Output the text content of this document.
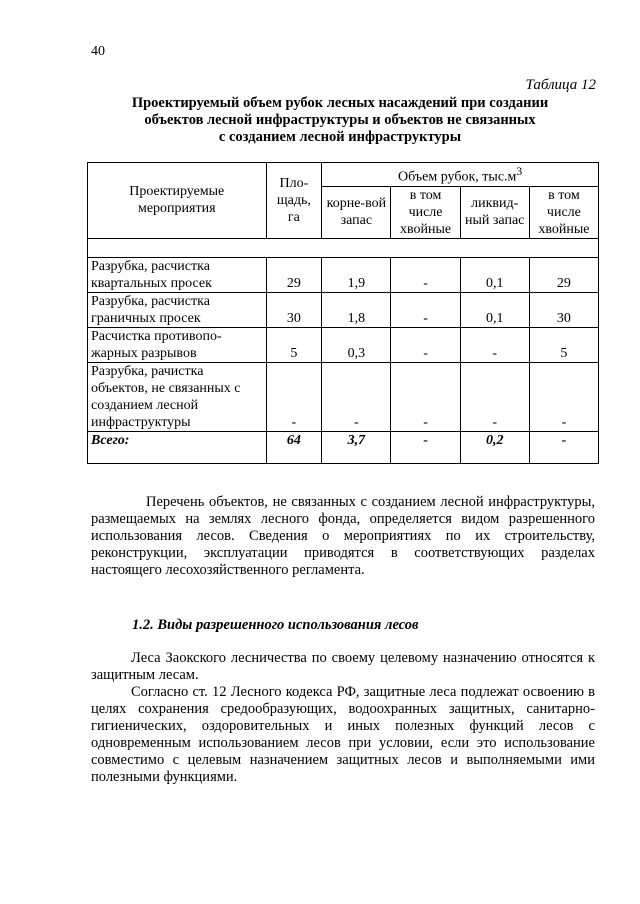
40
Таблица 12
Проектируемый объем рубок лесных насаждений при создании
объектов лесной инфраструктуры и объектов не связанных
с созданием лесной инфраструктуры
Проектируемые мероприятия	Пло-щадь, га	Объем рубок, $тыс.м^3$
		корне-вой запас	в том числе хвойные	ликвид-ный запас	в том числе хвойные

Разрубка, расчистка квартальных просек	29	1,9	-	0,1	29
Разрубка, расчистка граничных просек	30	1,8	-	0,1	30
Расчистка противопо-жарных разрывов	5	0,3	-	-	5
Разрубка, рачистка объектов, не связанных с созданием лесной инфраструктуры	-	-	-	-	-
Всего:	64	3,7	-	0,2	-

Перечень объектов, не связанных с созданием лесной инфраструктуры, размещаемых на землях лесного фонда, определяется видом разрешенного использования лесов. Сведения о мероприятиях по их строительству, реконструкции, эксплуатации приводятся в соответствующих разделах настоящего лесохозяйственного регламента.

1.2. Виды разрешенного использования лесов

Леса Заокского лесничества по своему целевому назначению относятся к защитным лесам.

Согласно ст. 12 Лесного кодекса РФ, защитные леса подлежат освоению в целях сохранения средообразующих, водоохранных защитных, санитарно-гигиенических, оздоровительных и иных полезных функций лесов с одновременным использованием лесов при условии, если это использование совместимо с целевым назначением защитных лесов и выполняемыми ими полезными функциями.
